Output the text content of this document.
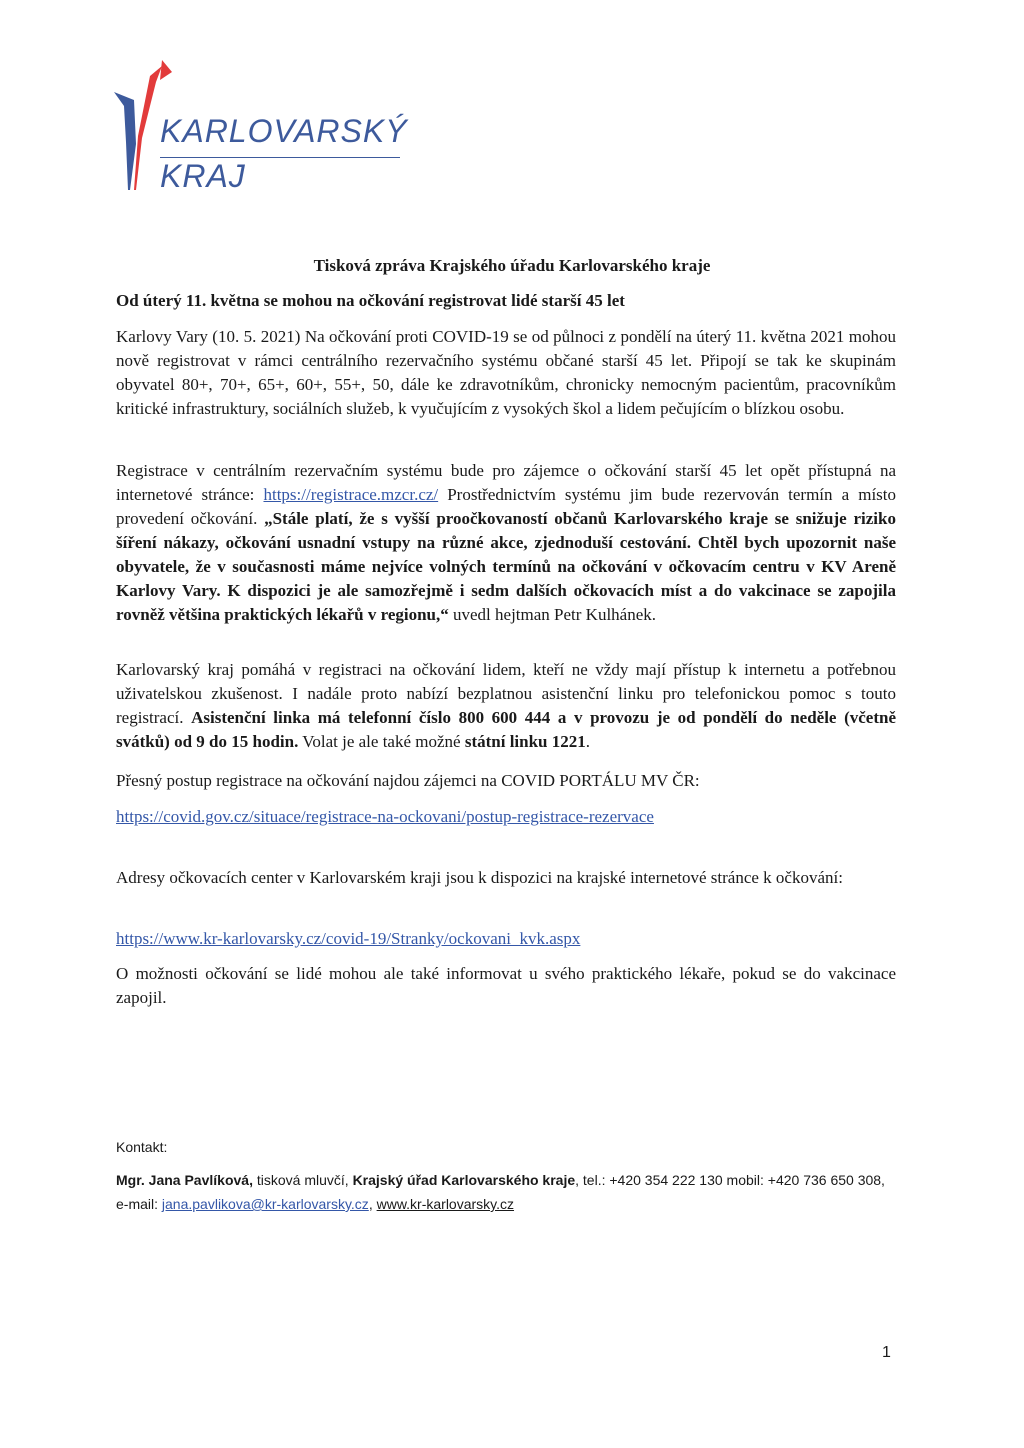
KARLOVARSKÝ
KRAJ
Tisková zpráva Krajského úřadu Karlovarského kraje
Od úterý 11. května se mohou na očkování registrovat lidé starší 45 let
Karlovy Vary (10. 5. 2021) Na očkování proti COVID-19 se od půlnoci z pondělí na úterý 11. května 2021 mohou nově registrovat v rámci centrálního rezervačního systému občané starší 45 let. Připojí se tak ke skupinám obyvatel 80+, 70+, 65+, 60+, 55+, 50, dále ke zdravotníkům, chronicky nemocným pacientům, pracovníkům kritické infrastruktury, sociálních služeb, k vyučujícím z vysokých škol a lidem pečujícím o blízkou osobu.
Registrace v centrálním rezervačním systému bude pro zájemce o očkování starší 45 let opět přístupná na internetové stránce: https://registrace.mzcr.cz/ Prostřednictvím systému jim bude rezervován termín a místo provedení očkování. „Stále platí, že s vyšší proočkovaností občanů Karlovarského kraje se snižuje riziko šíření nákazy, očkování usnadní vstupy na různé akce, zjednoduší cestování. Chtěl bych upozornit naše obyvatele, že v současnosti máme nejvíce volných termínů na očkování v očkovacím centru v KV Areně Karlovy Vary. K dispozici je ale samozřejmě i sedm dalších očkovacích míst a do vakcinace se zapojila rovněž většina praktických lékařů v regionu,“ uvedl hejtman Petr Kulhánek.
Karlovarský kraj pomáhá v registraci na očkování lidem, kteří ne vždy mají přístup k internetu a potřebnou uživatelskou zkušenost. I nadále proto nabízí bezplatnou asistenční linku pro telefonickou pomoc s touto registrací. Asistenční linka má telefonní číslo 800 600 444 a v provozu je od pondělí do neděle (včetně svátků) od 9 do 15 hodin. Volat je ale také možné státní linku 1221.
Přesný postup registrace na očkování najdou zájemci na COVID PORTÁLU MV ČR:
https://covid.gov.cz/situace/registrace-na-ockovani/postup-registrace-rezervace
Adresy očkovacích center v Karlovarském kraji jsou k dispozici na krajské internetové stránce k očkování:
https://www.kr-karlovarsky.cz/covid-19/Stranky/ockovani_kvk.aspx
O možnosti očkování se lidé mohou ale také informovat u svého praktického lékaře, pokud se do vakcinace zapojil.
Kontakt:
Mgr. Jana Pavlíková, tisková mluvčí, Krajský úřad Karlovarského kraje, tel.: +420 354 222 130 mobil: +420 736 650 308, e-mail: jana.pavlikova@kr-karlovarsky.cz, www.kr-karlovarsky.cz
1
